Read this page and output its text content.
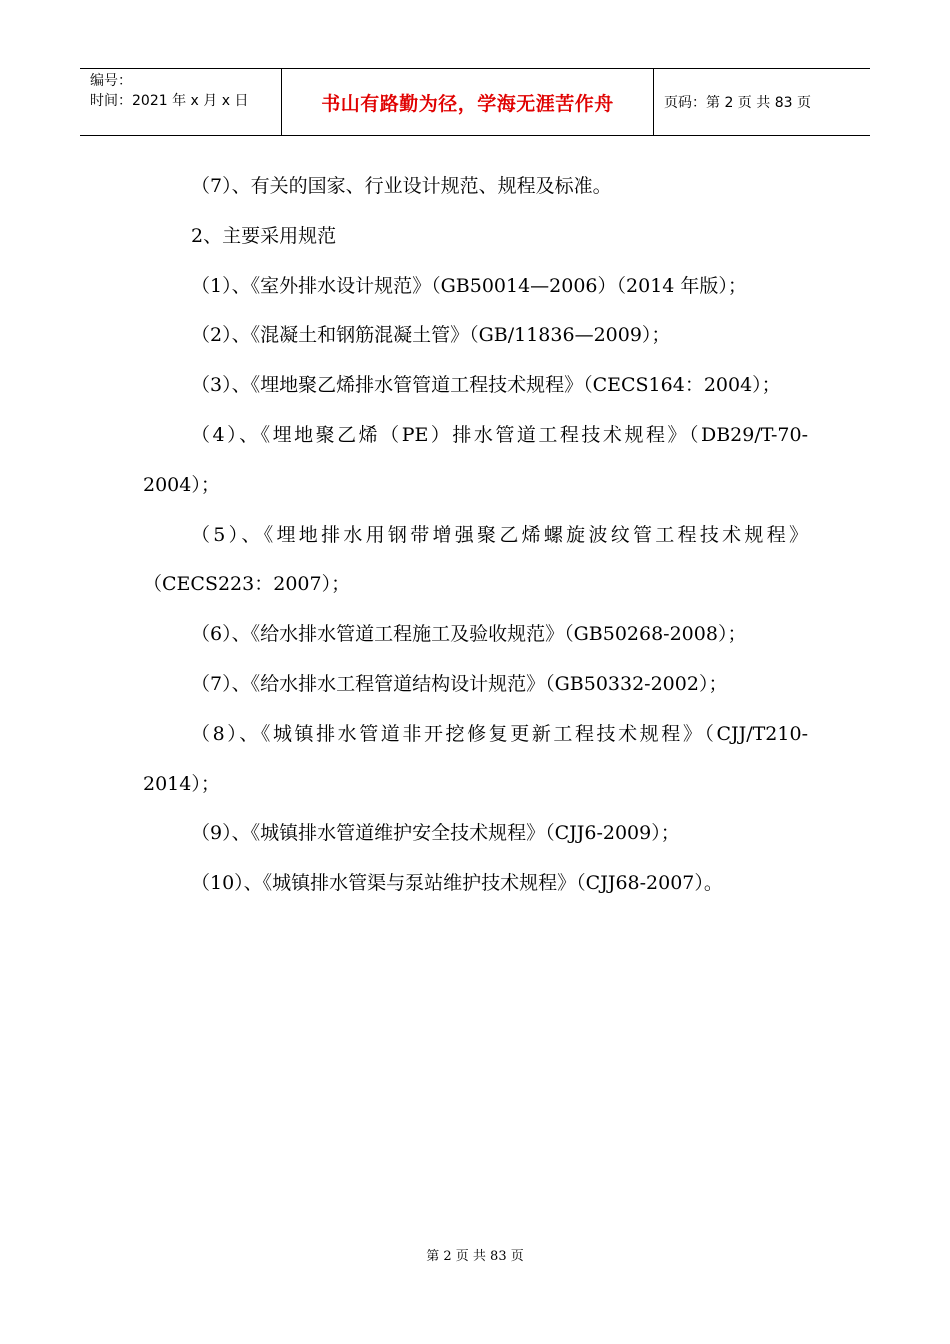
编号：
时间：2021 年 x 月 x 日	书山有路勤为径，学海无涯苦作舟	页码：第 2 页 共 83 页

（7）、有关的国家、行业设计规范、规程及标准。

2、主要采用规范

（1）、《室外排水设计规范》（GB50014—2006）（2014 年版）；

（2）、《混凝土和钢筋混凝土管》（GB/11836—2009）；

（3）、《埋地聚乙烯排水管管道工程技术规程》（CECS164：2004）；

（4）、《埋地聚乙烯（PE）排水管道工程技术规程》（DB29/T-70-2004）；

（5）、《埋地排水用钢带增强聚乙烯螺旋波纹管工程技术规程》（CECS223：2007）；

（6）、《给水排水管道工程施工及验收规范》（GB50268-2008）；

（7）、《给水排水工程管道结构设计规范》（GB50332-2002）；

（8）、《城镇排水管道非开挖修复更新工程技术规程》（CJJ/T210-2014）；

（9）、《城镇排水管道维护安全技术规程》（CJJ6-2009）；

（10）、《城镇排水管渠与泵站维护技术规程》（CJJ68-2007）。

第 2 页 共 83 页
